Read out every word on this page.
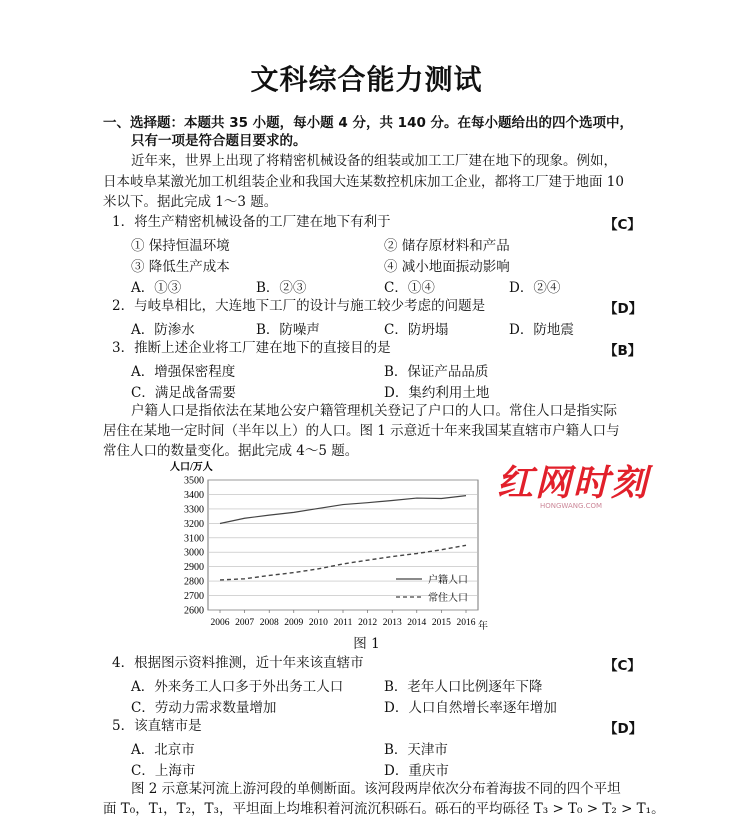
文科综合能力测试
一、选择题：本题共 35 小题，每小题 4 分，共 140 分。在每小题给出的四个选项中，
只有一项是符合题目要求的。
近年来，世界上出现了将精密机械设备的组装或加工工厂建在地下的现象。例如，
日本岐阜某激光加工机组装企业和我国大连某数控机床加工企业，都将工厂建于地面 10
米以下。据此完成 1～3 题。
1．将生产精密机械设备的工厂建在地下有利于	【C】
① 保持恒温环境	② 储存原材料和产品
③ 降低生产成本	④ 减小地面振动影响
A．①③	B．②③	C．①④	D．②④
2．与岐阜相比，大连地下工厂的设计与施工较少考虑的问题是	【D】
A．防渗水	B．防噪声	C．防坍塌	D．防地震
3．推断上述企业将工厂建在地下的直接目的是	【B】
A．增强保密程度	B．保证产品品质
C．满足战备需要	D．集约利用土地
户籍人口是指依法在某地公安户籍管理机关登记了户口的人口。常住人口是指实际
居住在某地一定时间（半年以上）的人口。图 1 示意近十年来我国某直辖市户籍人口与
常住人口的数量变化。据此完成 4～5 题。
人口/万人
2600
2700
2800
2900
3000
3100
3200
3300
3400
3500
2006 2007 2008 2009 2010 2011 2012 2013 2014 2015 2016
户籍人口
常住人口
年
图 1
红网时刻
HONGWANG.COM
4．根据图示资料推测，近十年来该直辖市	【C】
A．外来务工人口多于外出务工人口	B．老年人口比例逐年下降
C．劳动力需求数量增加	D．人口自然增长率逐年增加
5．该直辖市是	【D】
A．北京市	B．天津市
C．上海市	D．重庆市
图 2 示意某河流上游河段的单侧断面。该河段两岸依次分布着海拔不同的四个平坦
面 T₀，T₁，T₂，T₃，平坦面上均堆积着河流沉积砾石。砾石的平均砾径 T₃ > T₀ > T₂ > T₁。
